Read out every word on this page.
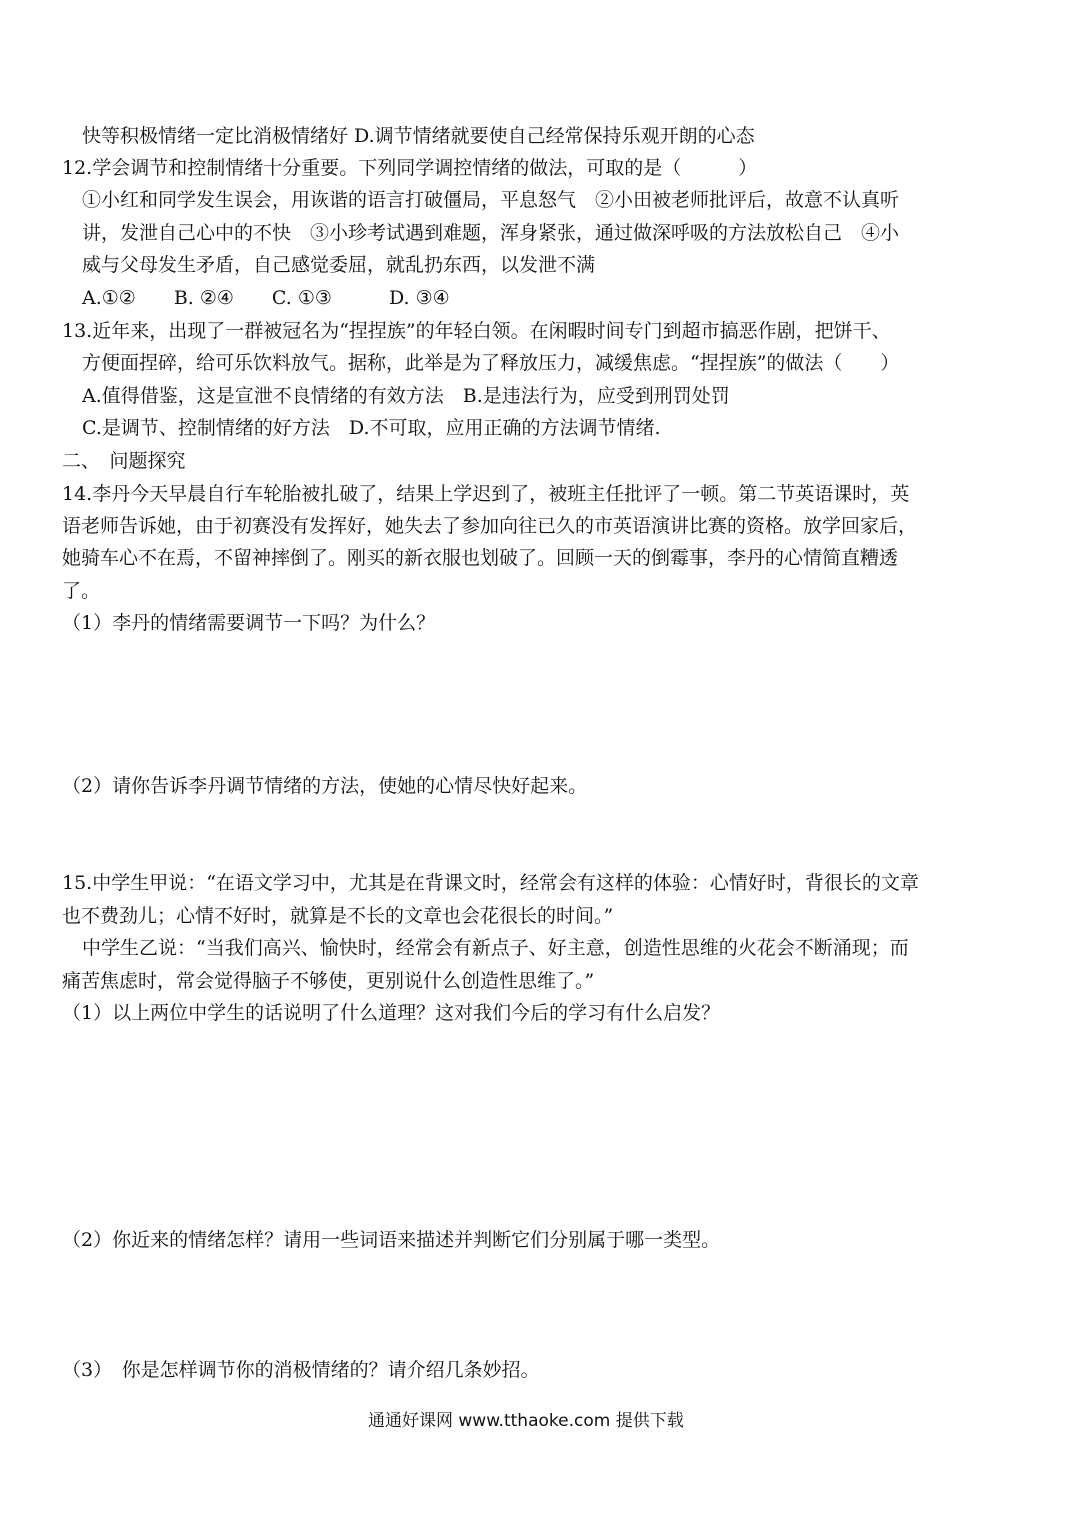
快等积极情绪一定比消极情绪好 D.调节情绪就要使自己经常保持乐观开朗的心态
12.学会调节和控制情绪十分重要。下列同学调控情绪的做法，可取的是（　　　）
①小红和同学发生误会，用诙谐的语言打破僵局，平息怒气　②小田被老师批评后，故意不认真听
讲，发泄自己心中的不快　③小珍考试遇到难题，浑身紧张，通过做深呼吸的方法放松自己　④小
威与父母发生矛盾，自己感觉委屈，就乱扔东西，以发泄不满
A.①②　　B. ②④　　C. ①③　　　D. ③④
13.近年来，出现了一群被冠名为“捏捏族”的年轻白领。在闲暇时间专门到超市搞恶作剧，把饼干、
方便面捏碎，给可乐饮料放气。据称，此举是为了释放压力，减缓焦虑。“捏捏族”的做法（　　）
A.值得借鉴，这是宣泄不良情绪的有效方法　B.是违法行为，应受到刑罚处罚
C.是调节、控制情绪的好方法　D.不可取，应用正确的方法调节情绪.
二、　问题探究
14.李丹今天早晨自行车轮胎被扎破了，结果上学迟到了，被班主任批评了一顿。第二节英语课时，英
语老师告诉她，由于初赛没有发挥好，她失去了参加向往已久的市英语演讲比赛的资格。放学回家后，
她骑车心不在焉，不留神摔倒了。刚买的新衣服也划破了。回顾一天的倒霉事，李丹的心情简直糟透
了。
（1）李丹的情绪需要调节一下吗？为什么？
（2）请你告诉李丹调节情绪的方法，使她的心情尽快好起来。
15.中学生甲说：“在语文学习中，尤其是在背课文时，经常会有这样的体验：心情好时，背很长的文章
也不费劲儿；心情不好时，就算是不长的文章也会花很长的时间。”
中学生乙说：“当我们高兴、愉快时，经常会有新点子、好主意，创造性思维的火花会不断涌现；而
痛苦焦虑时，常会觉得脑子不够使，更别说什么创造性思维了。”
（1）以上两位中学生的话说明了什么道理？这对我们今后的学习有什么启发？
（2）你近来的情绪怎样？请用一些词语来描述并判断它们分别属于哪一类型。
（3）　你是怎样调节你的消极情绪的？请介绍几条妙招。
通通好课网 www.tthaoke.com 提供下载
